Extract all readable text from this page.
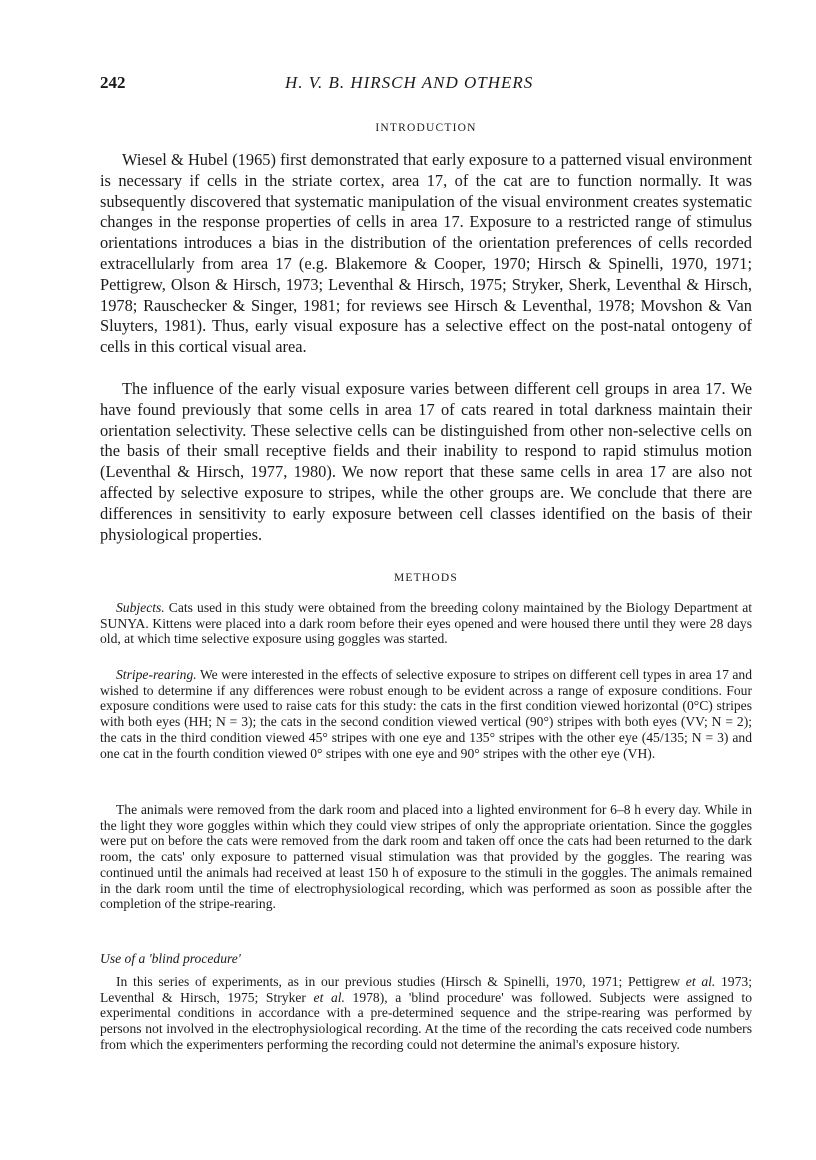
242	H. V. B. HIRSCH AND OTHERS
INTRODUCTION

Wiesel & Hubel (1965) first demonstrated that early exposure to a patterned visual environment is necessary if cells in the striate cortex, area 17, of the cat are to function normally. It was subsequently discovered that systematic manipulation of the visual environment creates systematic changes in the response properties of cells in area 17. Exposure to a restricted range of stimulus orientations introduces a bias in the distribution of the orientation preferences of cells recorded extracellularly from area 17 (e.g. Blakemore & Cooper, 1970; Hirsch & Spinelli, 1970, 1971; Pettigrew, Olson & Hirsch, 1973; Leventhal & Hirsch, 1975; Stryker, Sherk, Leventhal & Hirsch, 1978; Rauschecker & Singer, 1981; for reviews see Hirsch & Leventhal, 1978; Movshon & Van Sluyters, 1981). Thus, early visual exposure has a selective effect on the post-natal ontogeny of cells in this cortical visual area.

The influence of the early visual exposure varies between different cell groups in area 17. We have found previously that some cells in area 17 of cats reared in total darkness maintain their orientation selectivity. These selective cells can be distinguished from other non-selective cells on the basis of their small receptive fields and their inability to respond to rapid stimulus motion (Leventhal & Hirsch, 1977, 1980). We now report that these same cells in area 17 are also not affected by selective exposure to stripes, while the other groups are. We conclude that there are differences in sensitivity to early exposure between cell classes identified on the basis of their physiological properties.

METHODS

Subjects. Cats used in this study were obtained from the breeding colony maintained by the Biology Department at SUNYA. Kittens were placed into a dark room before their eyes opened and were housed there until they were 28 days old, at which time selective exposure using goggles was started.

Stripe-rearing. We were interested in the effects of selective exposure to stripes on different cell types in area 17 and wished to determine if any differences were robust enough to be evident across a range of exposure conditions. Four exposure conditions were used to raise cats for this study: the cats in the first condition viewed horizontal (0°C) stripes with both eyes (HH; N = 3); the cats in the second condition viewed vertical (90°) stripes with both eyes (VV; N = 2); the cats in the third condition viewed 45° stripes with one eye and 135° stripes with the other eye (45/135; N = 3) and one cat in the fourth condition viewed 0° stripes with one eye and 90° stripes with the other eye (VH).

The animals were removed from the dark room and placed into a lighted environment for 6–8 h every day. While in the light they wore goggles within which they could view stripes of only the appropriate orientation. Since the goggles were put on before the cats were removed from the dark room and taken off once the cats had been returned to the dark room, the cats' only exposure to patterned visual stimulation was that provided by the goggles. The rearing was continued until the animals had received at least 150 h of exposure to the stimuli in the goggles. The animals remained in the dark room until the time of electrophysiological recording, which was performed as soon as possible after the completion of the stripe-rearing.

Use of a 'blind procedure'

In this series of experiments, as in our previous studies (Hirsch & Spinelli, 1970, 1971; Pettigrew et al. 1973; Leventhal & Hirsch, 1975; Stryker et al. 1978), a 'blind procedure' was followed. Subjects were assigned to experimental conditions in accordance with a pre-determined sequence and the stripe-rearing was performed by persons not involved in the electrophysiological recording. At the time of the recording the cats received code numbers from which the experimenters performing the recording could not determine the animal's exposure history.
